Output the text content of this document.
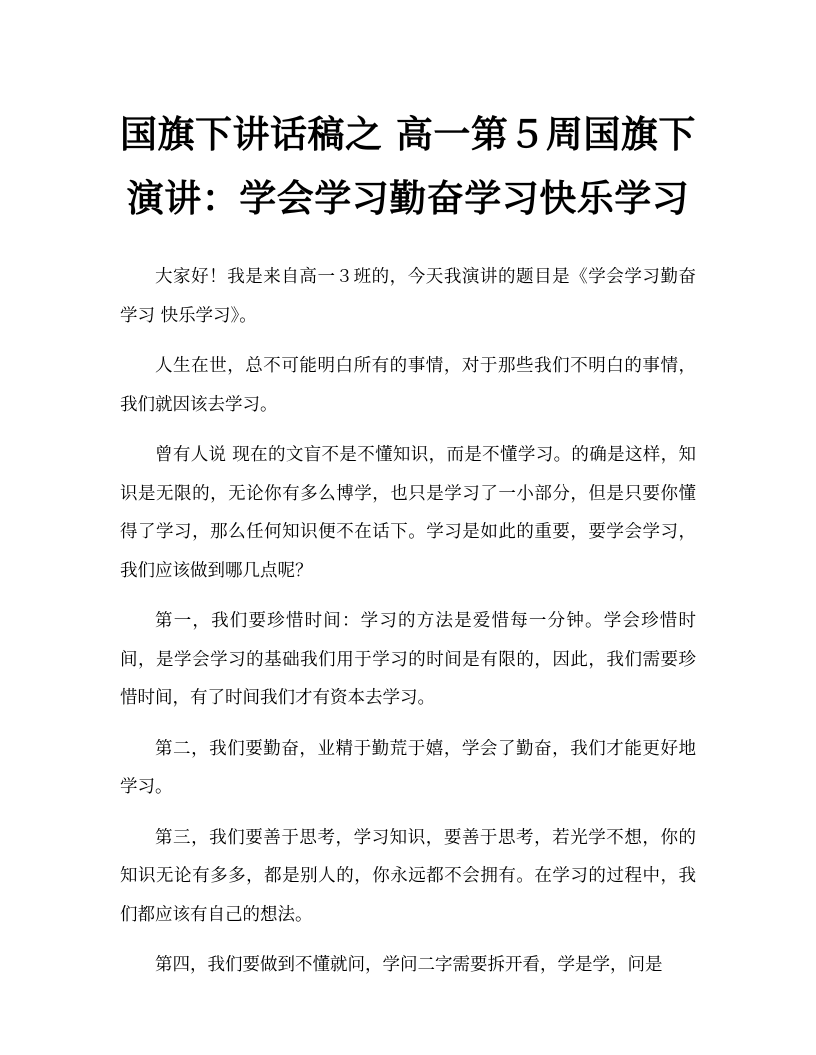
国旗下讲话稿之 高一第５周国旗下演讲：学会学习勤奋学习快乐学习

大家好！我是来自高一３班的，今天我演讲的题目是《学会学习勤奋学习 快乐学习》。

人生在世，总不可能明白所有的事情，对于那些我们不明白的事情，我们就因该去学习。

曾有人说 现在的文盲不是不懂知识，而是不懂学习。的确是这样，知识是无限的，无论你有多么博学，也只是学习了一小部分，但是只要你懂得了学习，那么任何知识便不在话下。学习是如此的重要，要学会学习，我们应该做到哪几点呢？

第一，我们要珍惜时间：学习的方法是爱惜每一分钟。学会珍惜时间，是学会学习的基础我们用于学习的时间是有限的，因此，我们需要珍惜时间，有了时间我们才有资本去学习。

第二，我们要勤奋，业精于勤荒于嬉，学会了勤奋，我们才能更好地学习。

第三，我们要善于思考，学习知识，要善于思考，若光学不想，你的知识无论有多多，都是别人的，你永远都不会拥有。在学习的过程中，我们都应该有自己的想法。

第四，我们要做到不懂就问，学问二字需要拆开看，学是学，问是
